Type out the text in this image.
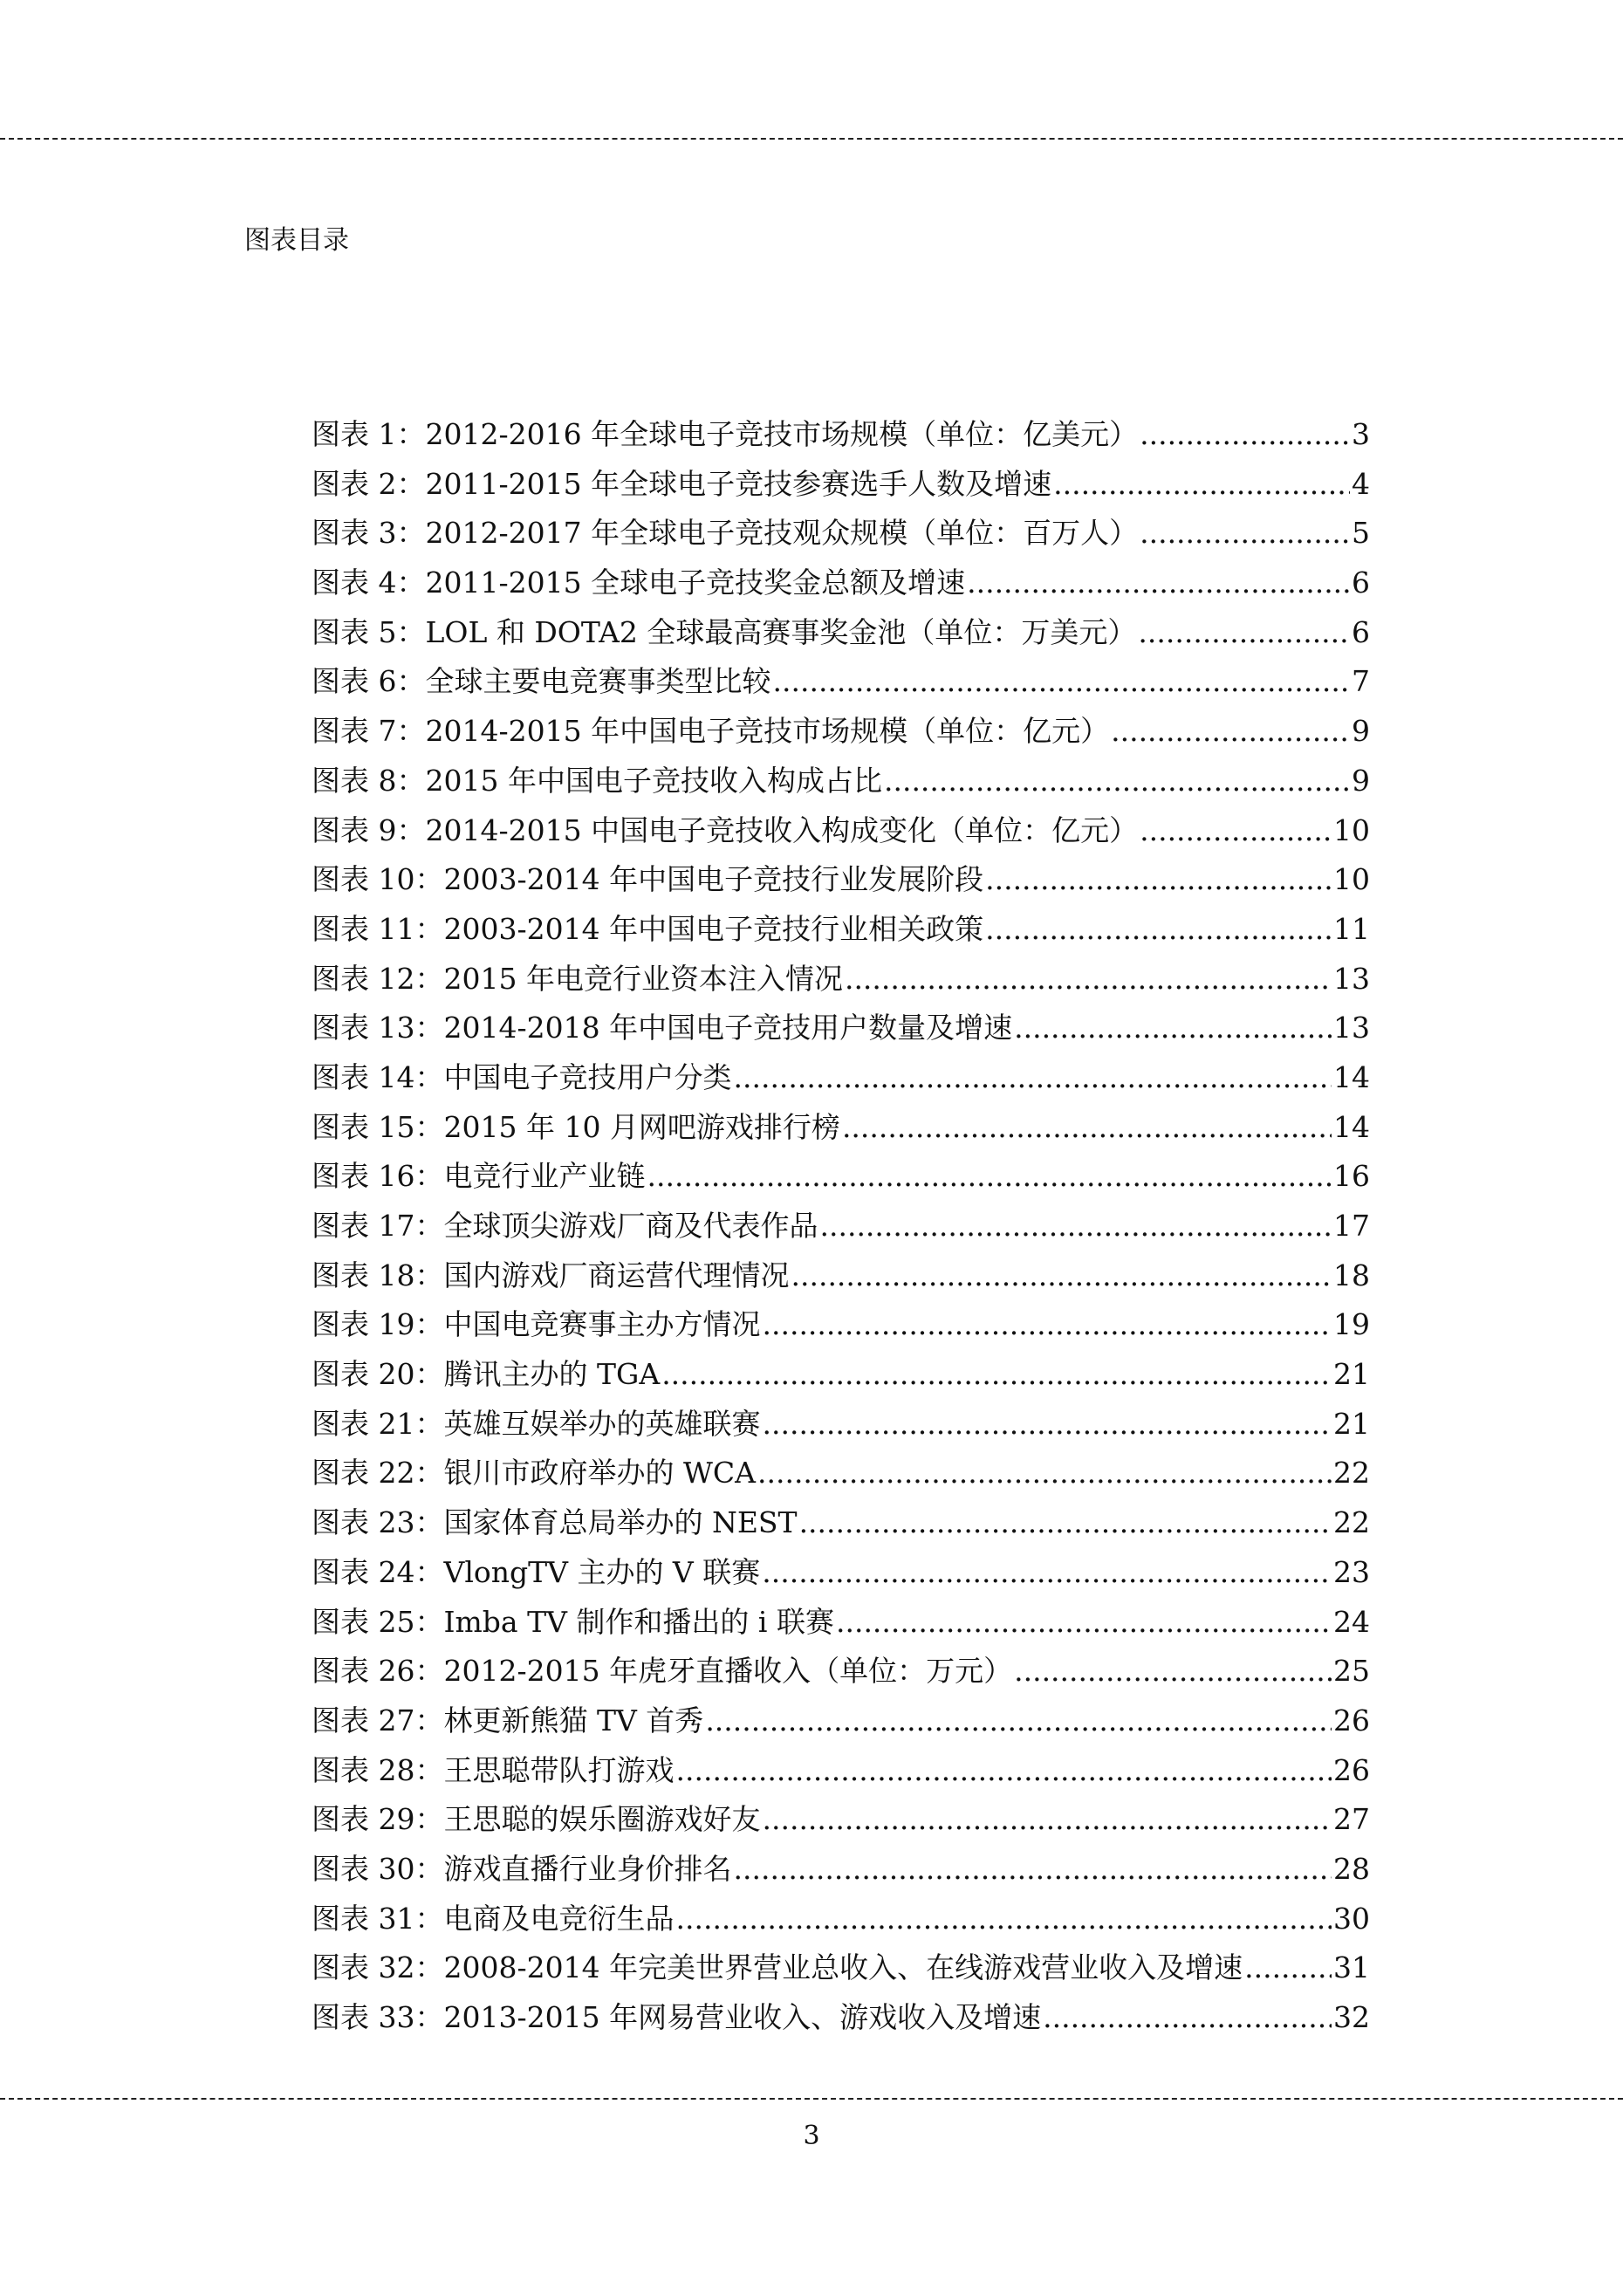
图表目录
图表 1：2012-2016 年全球电子竞技市场规模（单位：亿美元） .....	3
图表 2：2011-2015 年全球电子竞技参赛选手人数及增速 .....	4
图表 3：2012-2017 年全球电子竞技观众规模（单位：百万人） .....	5
图表 4：2011-2015 全球电子竞技奖金总额及增速 .....	6
图表 5：LOL 和 DOTA2 全球最高赛事奖金池（单位：万美元） .....	6
图表 6：全球主要电竞赛事类型比较 .....	7
图表 7：2014-2015 年中国电子竞技市场规模（单位：亿元） .....	9
图表 8：2015 年中国电子竞技收入构成占比 .....	9
图表 9：2014-2015 中国电子竞技收入构成变化（单位：亿元） .....	10
图表 10：2003-2014 年中国电子竞技行业发展阶段 .....	10
图表 11：2003-2014 年中国电子竞技行业相关政策 .....	11
图表 12：2015 年电竞行业资本注入情况 .....	13
图表 13：2014-2018 年中国电子竞技用户数量及增速 .....	13
图表 14：中国电子竞技用户分类 .....	14
图表 15：2015 年 10 月网吧游戏排行榜 .....	14
图表 16：电竞行业产业链 .....	16
图表 17：全球顶尖游戏厂商及代表作品 .....	17
图表 18：国内游戏厂商运营代理情况 .....	18
图表 19：中国电竞赛事主办方情况 .....	19
图表 20：腾讯主办的 TGA .....	21
图表 21：英雄互娱举办的英雄联赛 .....	21
图表 22：银川市政府举办的 WCA .....	22
图表 23：国家体育总局举办的 NEST .....	22
图表 24：VlongTV 主办的 V 联赛 .....	23
图表 25：Imba TV 制作和播出的 i 联赛 .....	24
图表 26：2012-2015 年虎牙直播收入（单位：万元） .....	25
图表 27：林更新熊猫 TV 首秀 .....	26
图表 28：王思聪带队打游戏 .....	26
图表 29：王思聪的娱乐圈游戏好友 .....	27
图表 30：游戏直播行业身价排名 .....	28
图表 31：电商及电竞衍生品 .....	30
图表 32：2008-2014 年完美世界营业总收入、在线游戏营业收入及增速 .....	31
图表 33：2013-2015 年网易营业收入、游戏收入及增速 .....	32
3
